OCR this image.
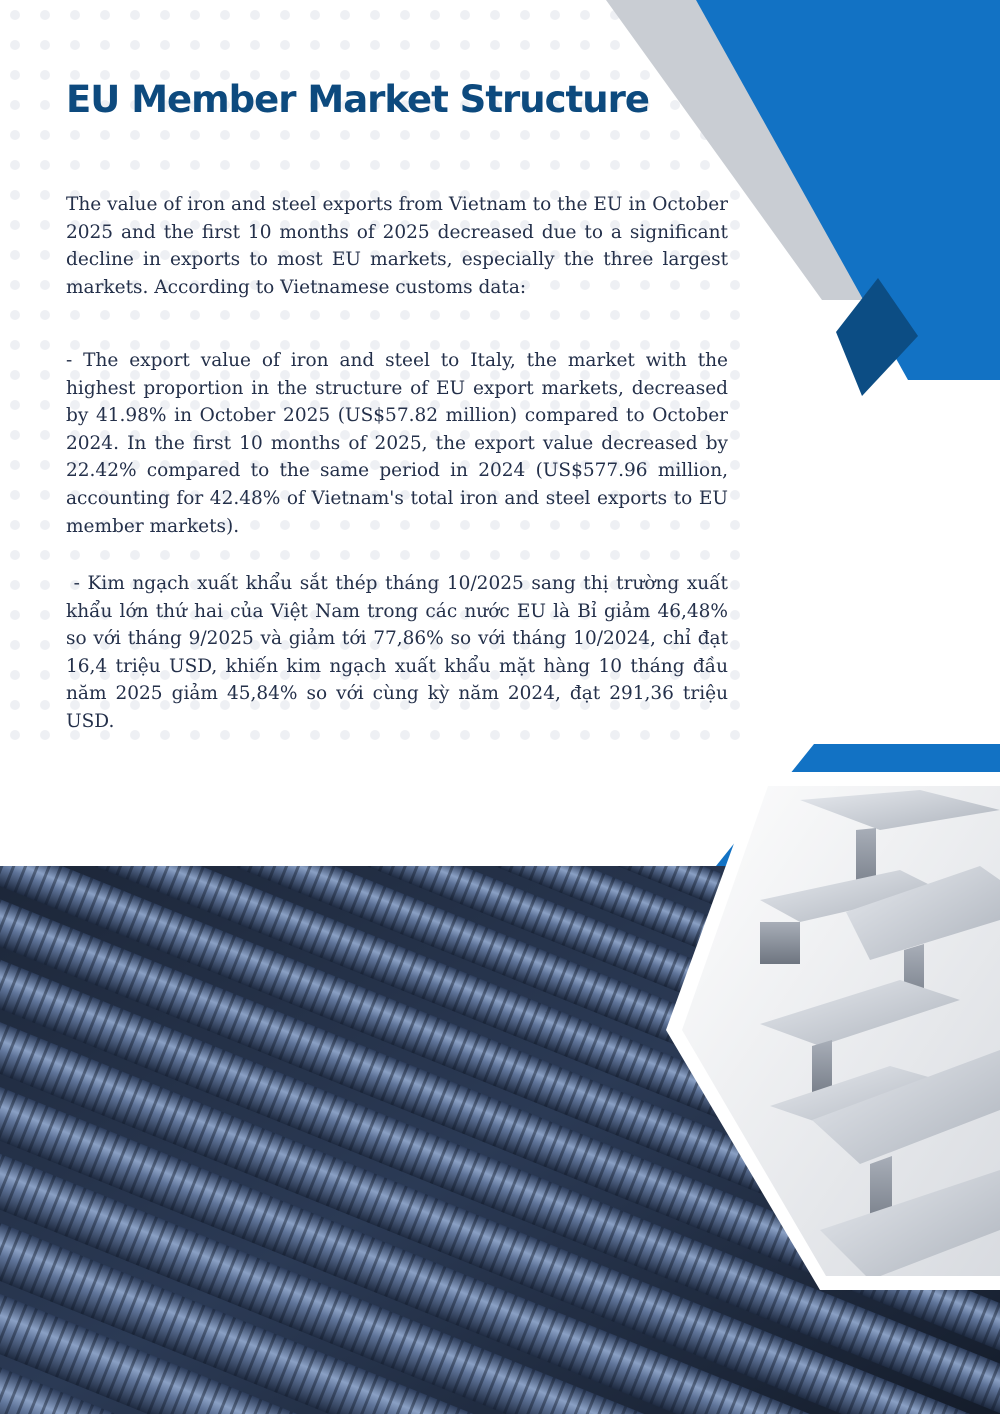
EU Member Market Structure

The value of iron and steel exports from Vietnam to the EU in October 2025 and the first 10 months of 2025 decreased due to a significant decline in exports to most EU markets, especially the three largest markets. According to Vietnamese customs data:

- The export value of iron and steel to Italy, the market with the highest proportion in the structure of EU export markets, decreased by 41.98% in October 2025 (US$57.82 million) compared to October 2024. In the first 10 months of 2025, the export value decreased by 22.42% compared to the same period in 2024 (US$577.96 million, accounting for 42.48% of Vietnam's total iron and steel exports to EU member markets).

- Kim ngạch xuất khẩu sắt thép tháng 10/2025 sang thị trường xuất khẩu lớn thứ hai của Việt Nam trong các nước EU là Bỉ giảm 46,48% so với tháng 9/2025 và giảm tới 77,86% so với tháng 10/2024, chỉ đạt 16,4 triệu USD, khiến kim ngạch xuất khẩu mặt hàng 10 tháng đầu năm 2025 giảm 45,84% so với cùng kỳ năm 2024, đạt 291,36 triệu USD.
